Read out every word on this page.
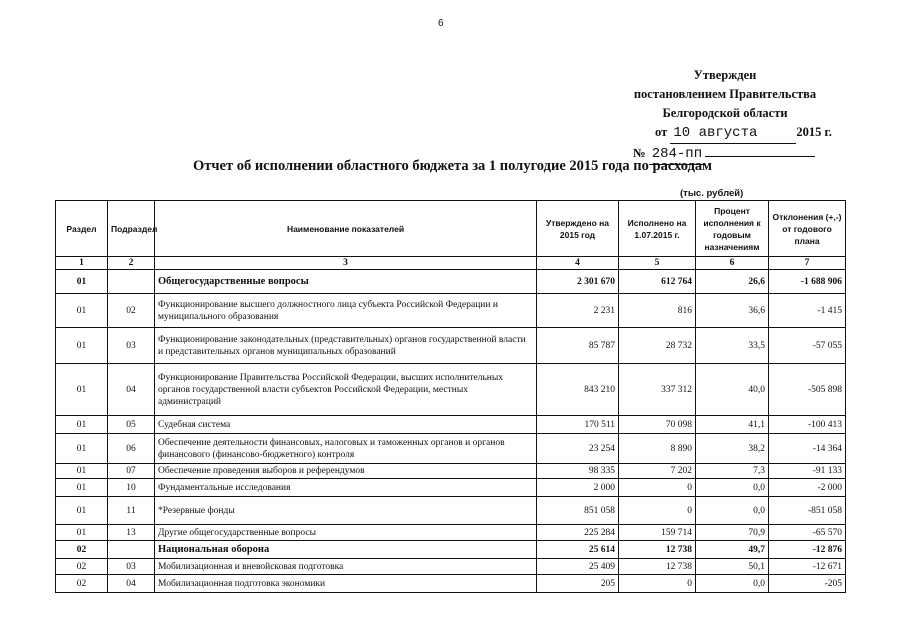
6
Утвержден
постановлением Правительства
Белгородской области
от 10 августа	2015 г.
№ 284-пп
Отчет об исполнении областного бюджета за 1 полугодие 2015 года по расходам
(тыс. рублей)
Раздел	Подраздел	Наименование показателей	Утверждено на 2015 год	Исполнено на 1.07.2015 г.	Процент исполнения к годовым назначениям	Отклонения (+,-) от годового плана
1	2	3	4	5	6	7
01		Общегосударственные вопросы	2 301 670	612 764	26,6	-1 688 906
01	02	Функционирование высшего должностного лица субъекта Российской Федерации и муниципального образования	2 231	816	36,6	-1 415
01	03	Функционирование законодательных (представительных) органов государственной власти и представительных органов муниципальных образований	85 787	28 732	33,5	-57 055
01	04	Функционирование Правительства Российской Федерации, высших исполнительных органов государственной власти субъектов Российской Федерации, местных администраций	843 210	337 312	40,0	-505 898
01	05	Судебная система	170 511	70 098	41,1	-100 413
01	06	Обеспечение деятельности финансовых, налоговых и таможенных органов и органов финансового (финансово-бюджетного) контроля	23 254	8 890	38,2	-14 364
01	07	Обеспечение проведения выборов и референдумов	98 335	7 202	7,3	-91 133
01	10	Фундаментальные исследования	2 000	0	0,0	-2 000
01	11	*Резервные фонды	851 058	0	0,0	-851 058
01	13	Другие общегосударственные вопросы	225 284	159 714	70,9	-65 570
02		Национальная оборона	25 614	12 738	49,7	-12 876
02	03	Мобилизационная и вневойсковая подготовка	25 409	12 738	50,1	-12 671
02	04	Мобилизационная подготовка экономики	205	0	0,0	-205
